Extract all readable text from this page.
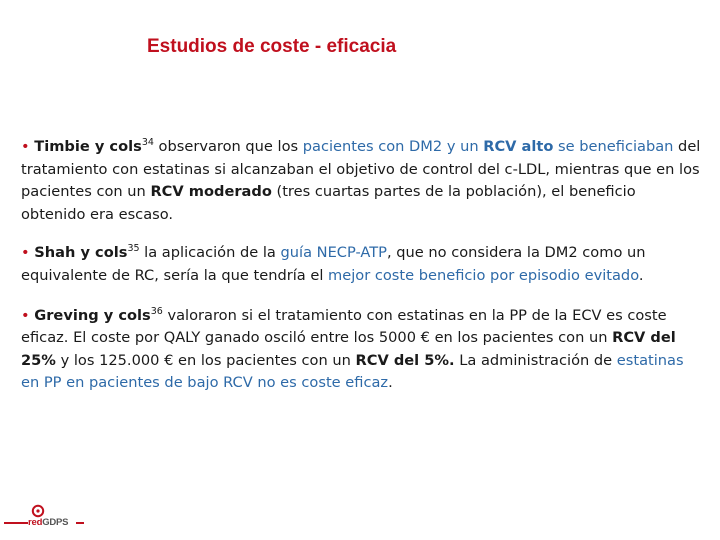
Estudios de coste - eficacia

• Timbie y cols$^{34}$ observaron que los pacientes con DM2 y un RCV alto se beneficiaban del tratamiento con estatinas si alcanzaban el objetivo de control del c-LDL, mientras que en los pacientes con un RCV moderado (tres cuartas partes de la población), el beneficio obtenido era escaso.

• Shah y cols$^{35}$ la aplicación de la guía NECP-ATP, que no considera la DM2 como un equivalente de RC, sería la que tendría el mejor coste beneficio por episodio evitado.

• Greving y cols$^{36}$ valoraron si el tratamiento con estatinas en la PP de la ECV es coste eficaz. El coste por QALY ganado osciló entre los 5000 € en los pacientes con un RCV del 25% y los 125.000 € en los pacientes con un RCV del 5%. La administración de estatinas en PP en pacientes de bajo RCV no es coste eficaz.

redGDPS
